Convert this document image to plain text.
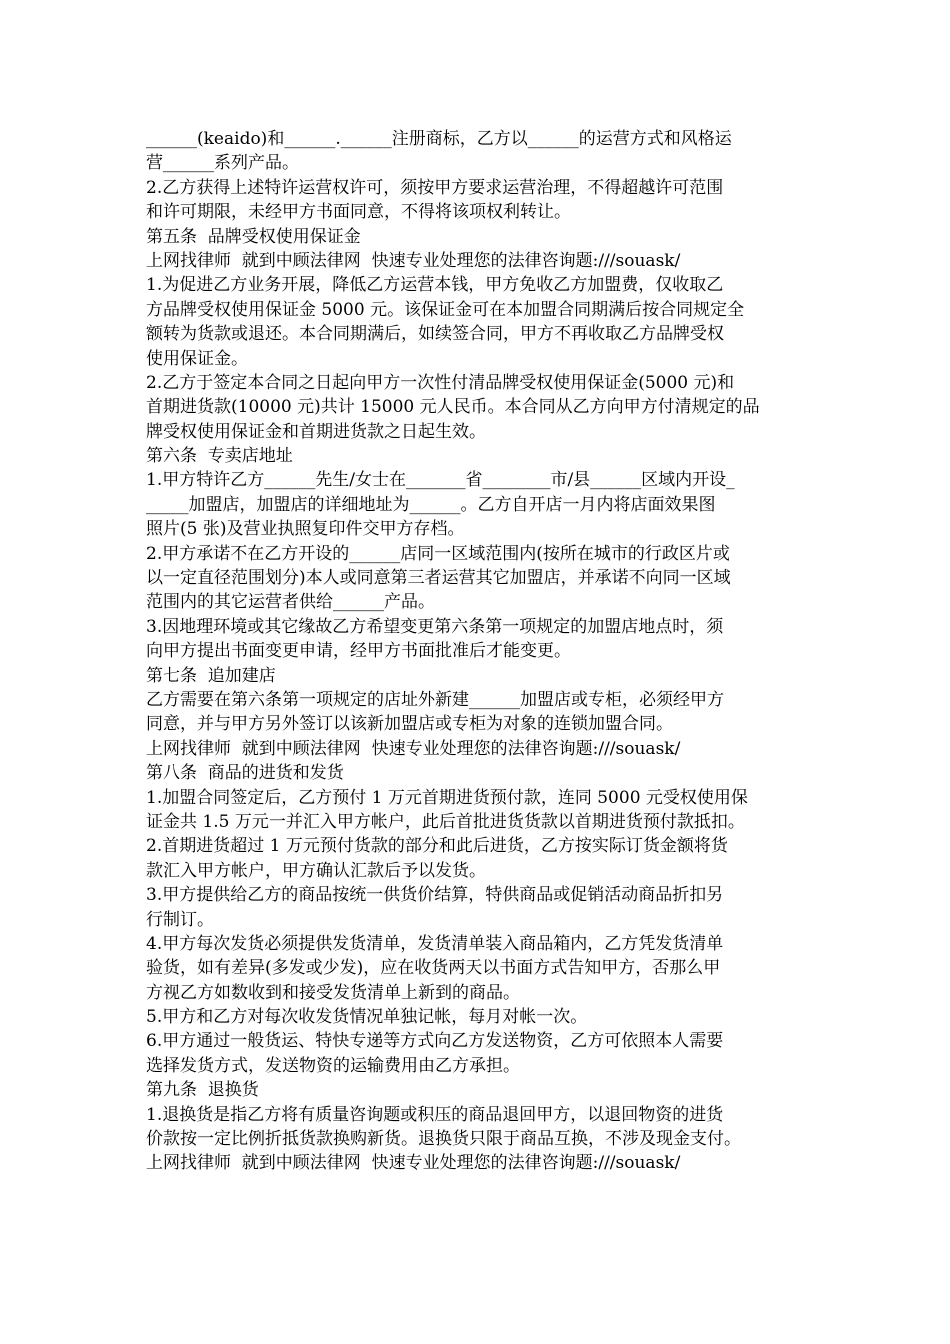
______(keaido)和______.______注册商标，乙方以______的运营方式和风格运
营______系列产品。
2.乙方获得上述特许运营权许可，须按甲方要求运营治理，不得超越许可范围
和许可期限，未经甲方书面同意，不得将该项权利转让。
第五条  品牌受权使用保证金
上网找律师  就到中顾法律网  快速专业处理您的法律咨询题:///souask/
1.为促进乙方业务开展，降低乙方运营本钱，甲方免收乙方加盟费，仅收取乙
方品牌受权使用保证金 5000 元。该保证金可在本加盟合同期满后按合同规定全
额转为货款或退还。本合同期满后，如续签合同，甲方不再收取乙方品牌受权
使用保证金。
2.乙方于签定本合同之日起向甲方一次性付清品牌受权使用保证金(5000 元)和
首期进货款(10000 元)共计 15000 元人民币。本合同从乙方向甲方付清规定的品
牌受权使用保证金和首期进货款之日起生效。
第六条  专卖店地址
1.甲方特许乙方______先生/女士在_______省________市/县______区域内开设_
_____加盟店，加盟店的详细地址为______。乙方自开店一月内将店面效果图
照片(5 张)及营业执照复印件交甲方存档。
2.甲方承诺不在乙方开设的______店同一区域范围内(按所在城市的行政区片或
以一定直径范围划分)本人或同意第三者运营其它加盟店，并承诺不向同一区域
范围内的其它运营者供给______产品。
3.因地理环境或其它缘故乙方希望变更第六条第一项规定的加盟店地点时，须
向甲方提出书面变更申请，经甲方书面批准后才能变更。
第七条  追加建店
乙方需要在第六条第一项规定的店址外新建______加盟店或专柜，必须经甲方
同意，并与甲方另外签订以该新加盟店或专柜为对象的连锁加盟合同。
上网找律师  就到中顾法律网  快速专业处理您的法律咨询题:///souask/
第八条  商品的进货和发货
1.加盟合同签定后，乙方预付 1 万元首期进货预付款，连同 5000 元受权使用保
证金共 1.5 万元一并汇入甲方帐户，此后首批进货货款以首期进货预付款抵扣。
2.首期进货超过 1 万元预付货款的部分和此后进货，乙方按实际订货金额将货
款汇入甲方帐户，甲方确认汇款后予以发货。
3.甲方提供给乙方的商品按统一供货价结算，特供商品或促销活动商品折扣另
行制订。
4.甲方每次发货必须提供发货清单，发货清单装入商品箱内，乙方凭发货清单
验货，如有差异(多发或少发)，应在收货两天以书面方式告知甲方，否那么甲
方视乙方如数收到和接受发货清单上新到的商品。
5.甲方和乙方对每次收发货情况单独记帐，每月对帐一次。
6.甲方通过一般货运、特快专递等方式向乙方发送物资，乙方可依照本人需要
选择发货方式，发送物资的运输费用由乙方承担。
第九条  退换货
1.退换货是指乙方将有质量咨询题或积压的商品退回甲方，以退回物资的进货
价款按一定比例折抵货款换购新货。退换货只限于商品互换，不涉及现金支付。
上网找律师  就到中顾法律网  快速专业处理您的法律咨询题:///souask/
